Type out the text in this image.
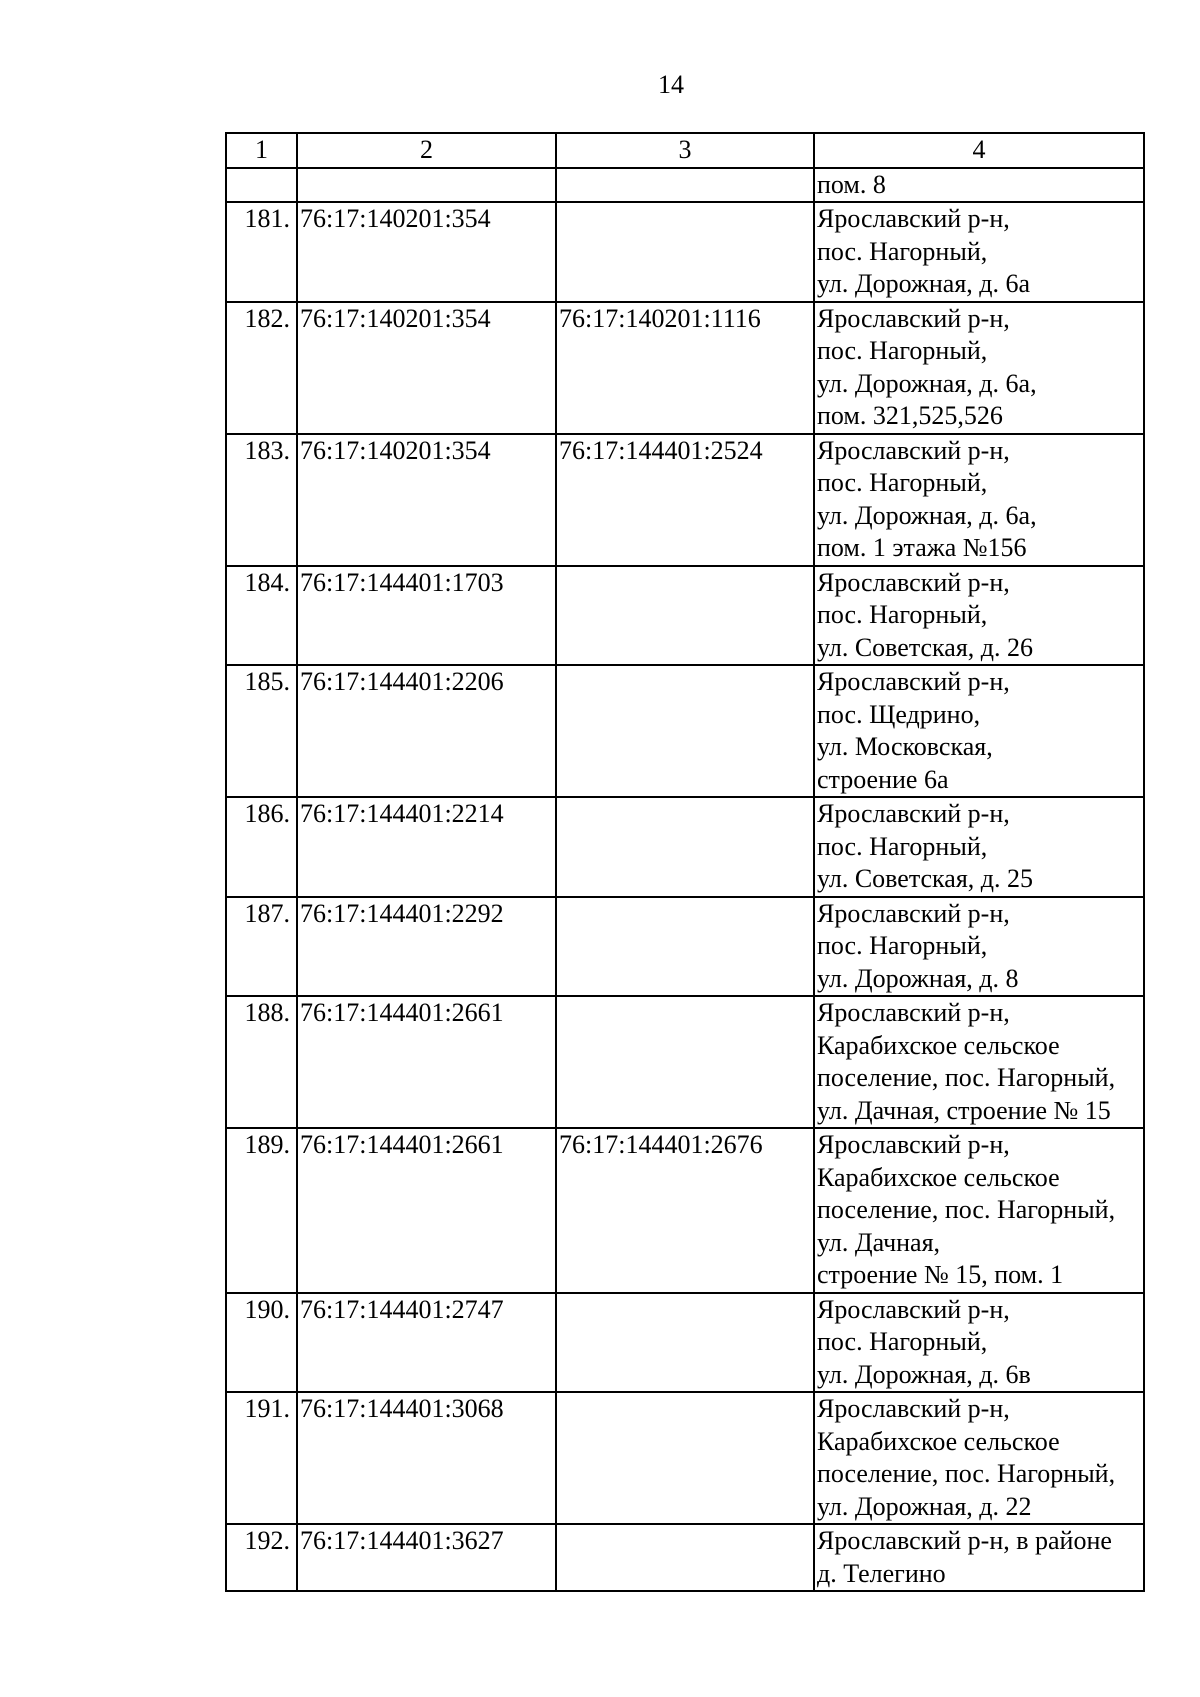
14
1	2	3	4

			пом. 8

181.	76:17:140201:354		Ярославский р-н,
пос. Нагорный,
ул. Дорожная, д. 6а

182.	76:17:140201:354	76:17:140201:1116	Ярославский р-н,
пос. Нагорный,
ул. Дорожная, д. 6а,
пом. 321,525,526

183.	76:17:140201:354	76:17:144401:2524	Ярославский р-н,
пос. Нагорный,
ул. Дорожная, д. 6а,
пом. 1 этажа №156

184.	76:17:144401:1703		Ярославский р-н,
пос. Нагорный,
ул. Советская, д. 26

185.	76:17:144401:2206		Ярославский р-н,
пос. Щедрино,
ул. Московская,
строение 6а

186.	76:17:144401:2214		Ярославский р-н,
пос. Нагорный,
ул. Советская, д. 25

187.	76:17:144401:2292		Ярославский р-н,
пос. Нагорный,
ул. Дорожная, д. 8

188.	76:17:144401:2661		Ярославский р-н,
Карабихское сельское
поселение, пос. Нагорный,
ул. Дачная, строение № 15

189.	76:17:144401:2661	76:17:144401:2676	Ярославский р-н,
Карабихское сельское
поселение, пос. Нагорный,
ул. Дачная,
строение № 15, пом. 1

190.	76:17:144401:2747		Ярославский р-н,
пос. Нагорный,
ул. Дорожная, д. 6в

191.	76:17:144401:3068		Ярославский р-н,
Карабихское сельское
поселение, пос. Нагорный,
ул. Дорожная, д. 22

192.	76:17:144401:3627		Ярославский р-н, в районе
д. Телегино
